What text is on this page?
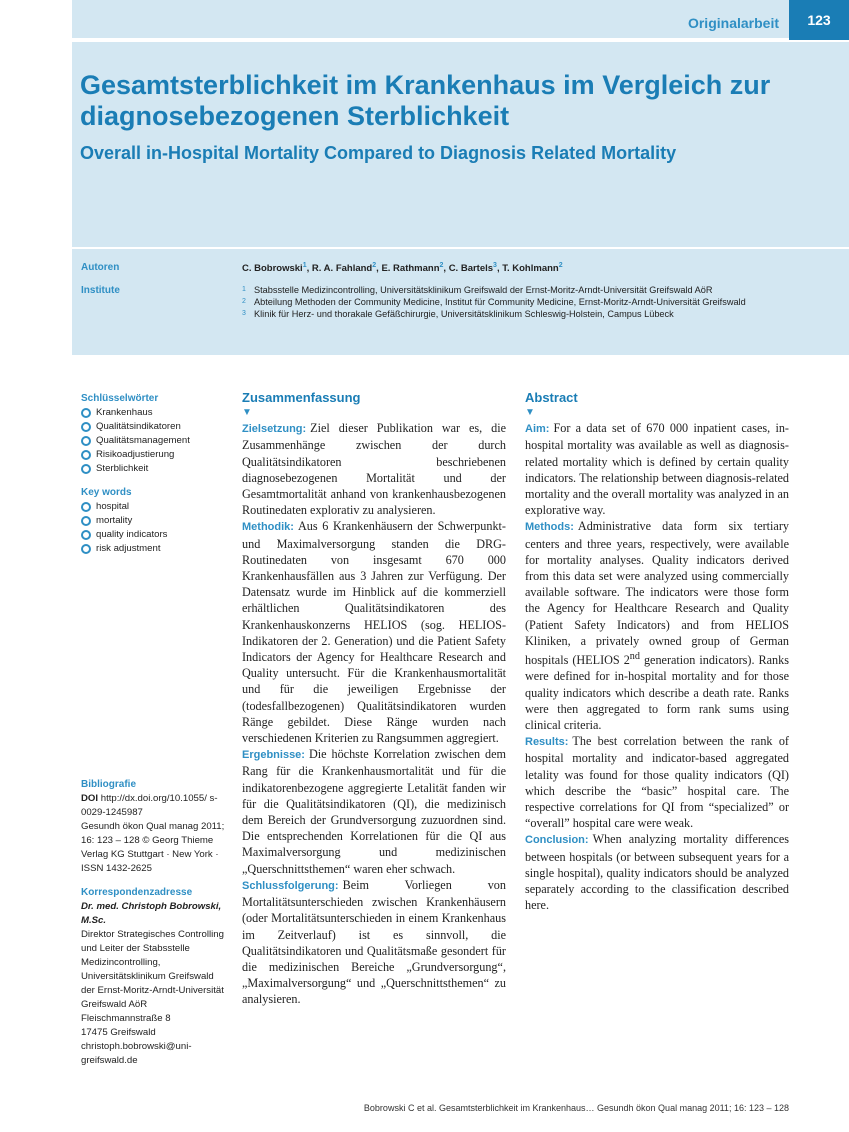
Originalarbeit	123
Gesamtsterblichkeit im Krankenhaus im Vergleich zur diagnosebezogenen Sterblichkeit
Overall in-Hospital Mortality Compared to Diagnosis Related Mortality
Autoren
Institute
C. Bobrowski$^1$, R. A. Fahland$^2$, E. Rathmann$^2$, C. Bartels$^3$, T. Kohlmann$^2$
1 Stabsstelle Medizincontrolling, Universitätsklinikum Greifswald der Ernst-Moritz-Arndt-Universität Greifswald AöR
2 Abteilung Methoden der Community Medicine, Institut für Community Medicine, Ernst-Moritz-Arndt-Universität Greifswald
3 Klinik für Herz- und thorakale Gefäßchirurgie, Universitätsklinikum Schleswig-Holstein, Campus Lübeck
Schlüsselwörter
Krankenhaus
Qualitätsindikatoren
Qualitätsmanagement
Risikoadjustierung
Sterblichkeit
Key words
hospital
mortality
quality indicators
risk adjustment
Bibliografie
DOI http://dx.doi.org/10.1055/ s-0029-1245987
Gesundh ökon Qual manag 2011; 16: 123 – 128 © Georg Thieme Verlag KG Stuttgart · New York · ISSN 1432-2625
Korrespondenzadresse
Dr. med. Christoph Bobrowski, M.Sc.
Direktor Strategisches Controlling und Leiter der Stabsstelle Medizincontrolling, Universitätsklinikum Greifswald der Ernst-Moritz-Arndt-Universität Greifswald AöR
Fleischmannstraße 8
17475 Greifswald
christoph.bobrowski@uni-greifswald.de
Zusammenfassung
▼

Zielsetzung: Ziel dieser Publikation war es, die Zusammenhänge zwischen der durch Qualitätsindikatoren beschriebenen diagnosebezogenen Mortalität und der Gesamtmortalität anhand von krankenhausbezogenen Routinedaten explorativ zu analysieren.

Methodik: Aus 6 Krankenhäusern der Schwerpunkt- und Maximalversorgung standen die DRG-Routinedaten von insgesamt 670 000 Krankenhausfällen aus 3 Jahren zur Verfügung. Der Datensatz wurde im Hinblick auf die kommerziell erhältlichen Qualitätsindikatoren des Krankenhauskonzerns HELIOS (sog. HELIOS-Indikatoren der 2. Generation) und die Patient Safety Indicators der Agency for Healthcare Research and Quality untersucht. Für die Krankenhausmortalität und für die jeweiligen Ergebnisse der (todesfallbezogenen) Qualitätsindikatoren wurden Ränge gebildet. Diese Ränge wurden nach verschiedenen Kriterien zu Rangsummen aggregiert.

Ergebnisse: Die höchste Korrelation zwischen dem Rang für die Krankenhausmortalität und für die indikatorenbezogene aggregierte Letalität fanden wir für die Qualitätsindikatoren (QI), die medizinisch dem Bereich der Grundversorgung zuzuordnen sind. Die entsprechenden Korrelationen für die QI aus Maximalversorgung und medizinischen „Querschnittsthemen“ waren eher schwach.

Schlussfolgerung: Beim Vorliegen von Mortalitätsunterschieden zwischen Krankenhäusern (oder Mortalitätsunterschieden in einem Krankenhaus im Zeitverlauf) ist es sinnvoll, die Qualitätsindikatoren und Qualitätsmaße gesondert für die medizinischen Bereiche „Grundversorgung“, „Maximalversorgung“ und „Querschnittsthemen“ zu analysieren.

Abstract
▼

Aim: For a data set of 670 000 inpatient cases, in-hospital mortality was available as well as diagnosis-related mortality which is defined by certain quality indicators. The relationship between diagnosis-related mortality and the overall mortality was analyzed in an explorative way.

Methods: Administrative data form six tertiary centers and three years, respectively, were available for mortality analyses. Quality indicators derived from this data set were analyzed using commercially available software. The indicators were those form the Agency for Healthcare Research and Quality (Patient Safety Indicators) and from HELIOS Kliniken, a privately owned group of German hospitals (HELIOS 2nd generation indicators). Ranks were defined for in-hospital mortality and for those quality indicators which describe a death rate. Ranks were then aggregated to form rank sums using clinical criteria.

Results: The best correlation between the rank of hospital mortality and indicator-based aggregated letality was found for those quality indicators (QI) which describe the “basic” hospital care. The respective correlations for QI from “specialized” or “overall” hospital care were weak.

Conclusion: When analyzing mortality differences between hospitals (or between subsequent years for a single hospital), quality indicators should be analyzed separately according to the classification described here.

Bobrowski C et al. Gesamtsterblichkeit im Krankenhaus… Gesundh ökon Qual manag 2011; 16: 123 – 128
